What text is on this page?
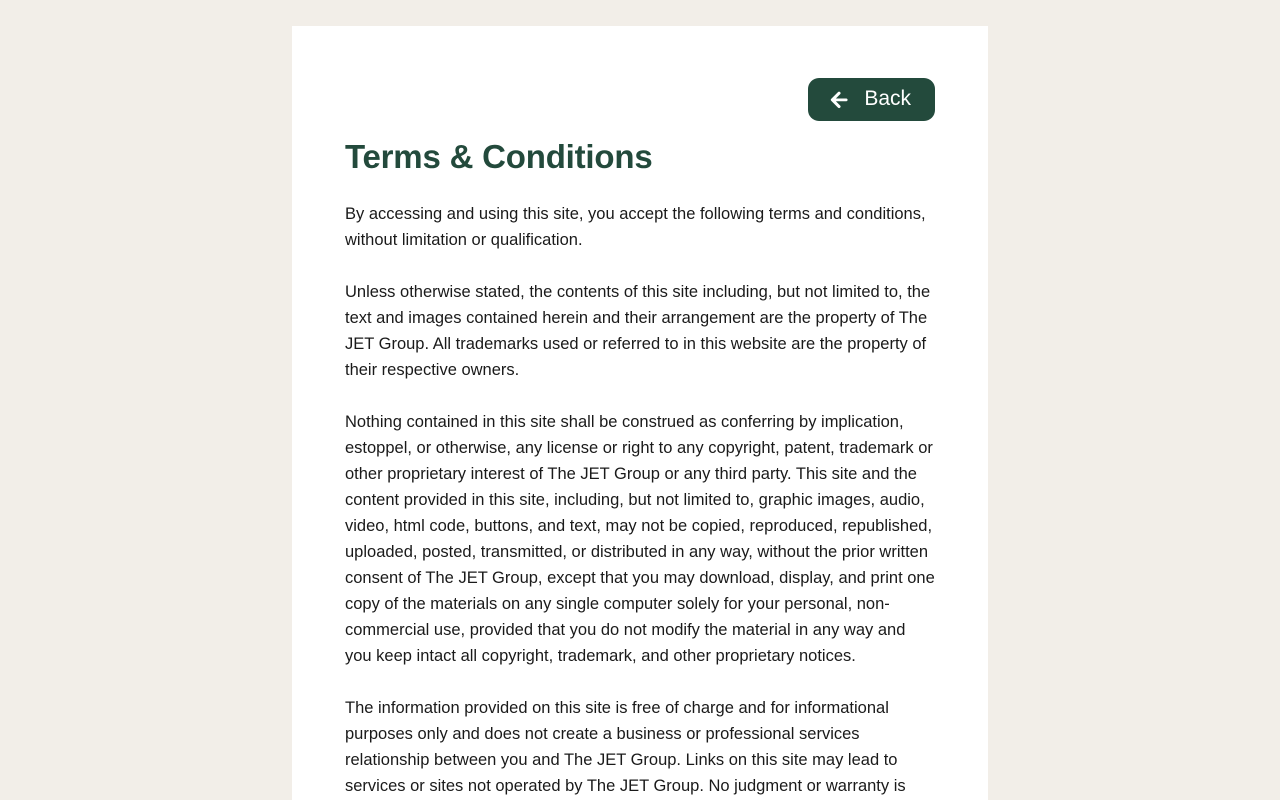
Back
Terms & Conditions

By accessing and using this site, you accept the following terms and conditions, without limitation or qualification.

Unless otherwise stated, the contents of this site including, but not limited to, the text and images contained herein and their arrangement are the property of The JET Group. All trademarks used or referred to in this website are the property of their respective owners.

Nothing contained in this site shall be construed as conferring by implication, estoppel, or otherwise, any license or right to any copyright, patent, trademark or other proprietary interest of The JET Group or any third party. This site and the content provided in this site, including, but not limited to, graphic images, audio, video, html code, buttons, and text, may not be copied, reproduced, republished, uploaded, posted, transmitted, or distributed in any way, without the prior written consent of The JET Group, except that you may download, display, and print one copy of the materials on any single computer solely for your personal, non-commercial use, provided that you do not modify the material in any way and you keep intact all copyright, trademark, and other proprietary notices.

The information provided on this site is free of charge and for informational purposes only and does not create a business or professional services relationship between you and The JET Group. Links on this site may lead to services or sites not operated by The JET Group. No judgment or warranty is
